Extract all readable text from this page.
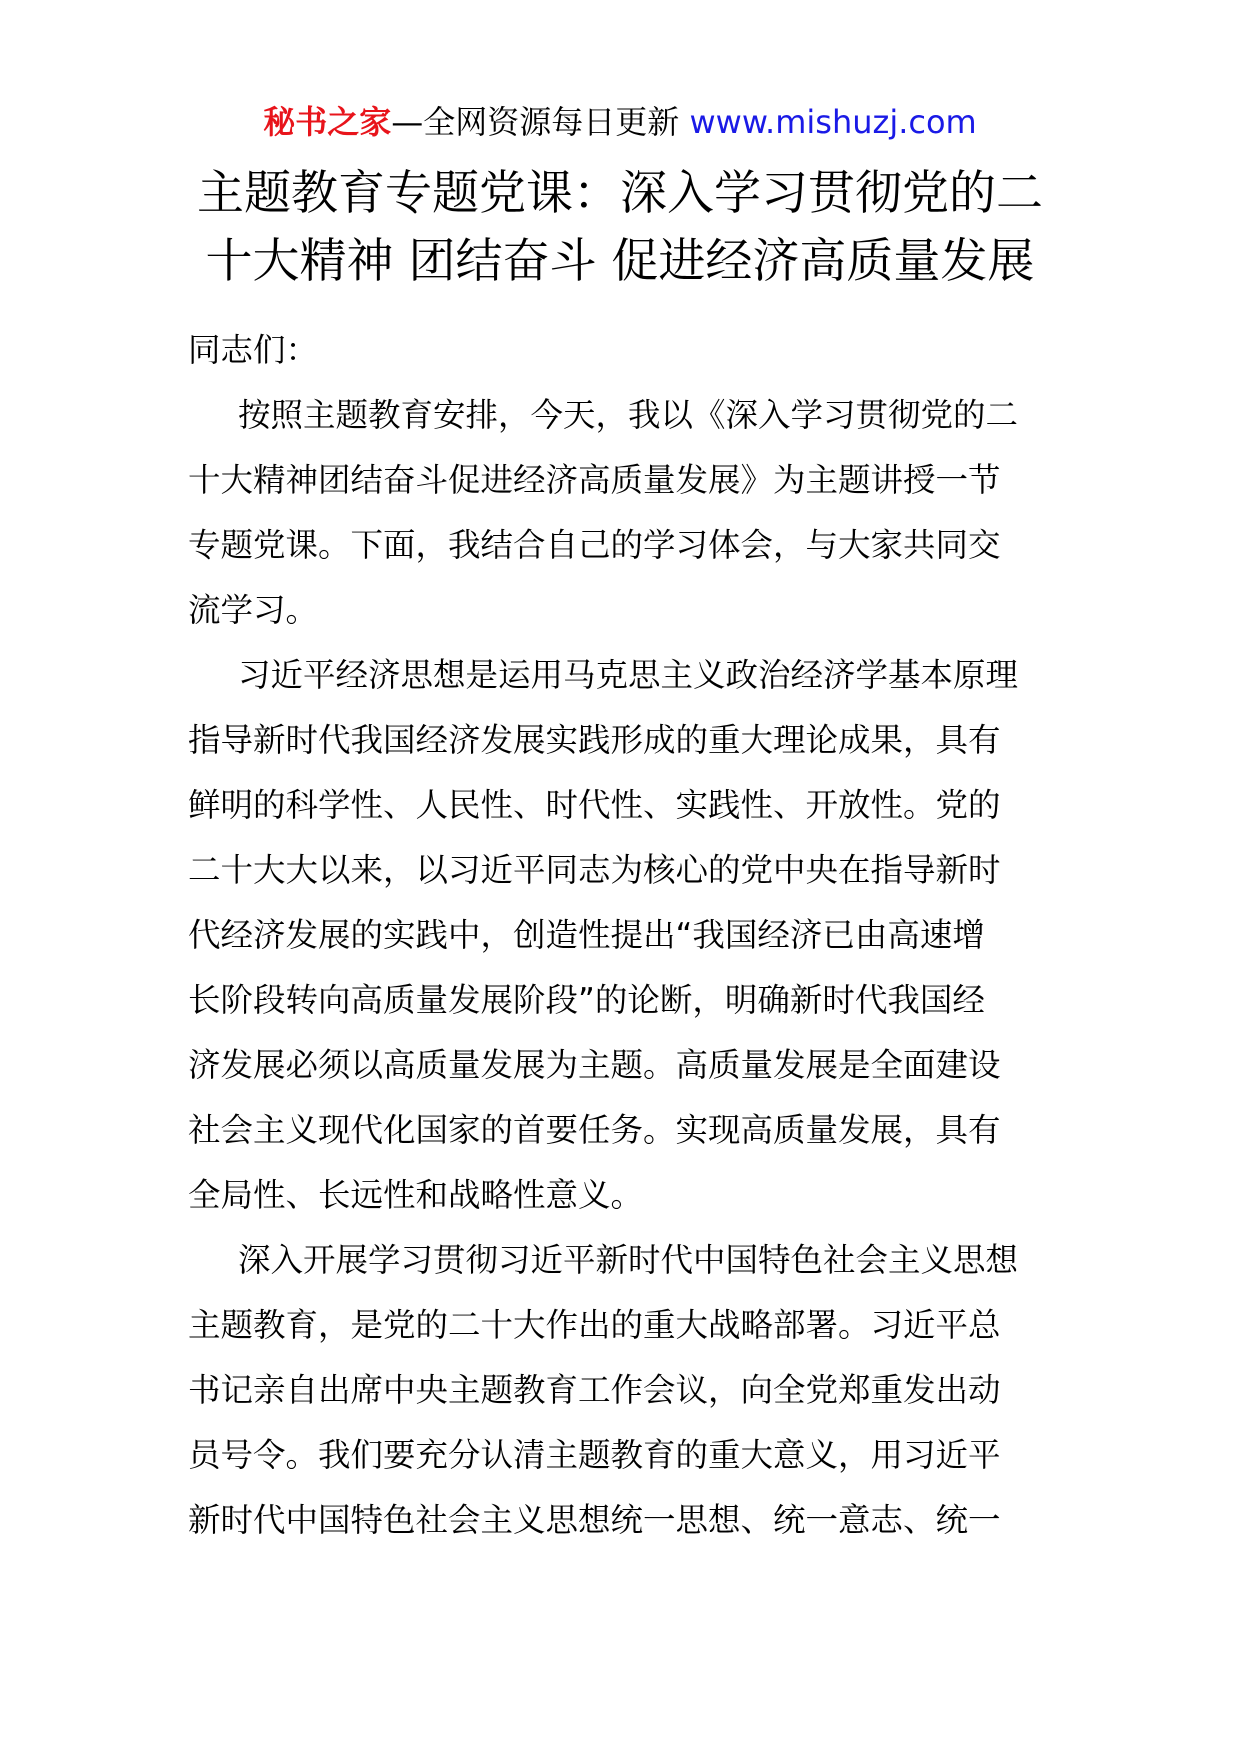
秘书之家—全网资源每日更新 www.mishuzj.com
主题教育专题党课：深入学习贯彻党的二
十大精神 团结奋斗 促进经济高质量发展

同志们：

按照主题教育安排，今天，我以《深入学习贯彻党的二
十大精神团结奋斗促进经济高质量发展》为主题讲授一节
专题党课。下面，我结合自己的学习体会，与大家共同交
流学习。
习近平经济思想是运用马克思主义政治经济学基本原理
指导新时代我国经济发展实践形成的重大理论成果，具有
鲜明的科学性、人民性、时代性、实践性、开放性。党的
二十大大以来，以习近平同志为核心的党中央在指导新时
代经济发展的实践中，创造性提出“我国经济已由高速增
长阶段转向高质量发展阶段”的论断，明确新时代我国经
济发展必须以高质量发展为主题。高质量发展是全面建设
社会主义现代化国家的首要任务。实现高质量发展，具有
全局性、长远性和战略性意义。
深入开展学习贯彻习近平新时代中国特色社会主义思想
主题教育，是党的二十大作出的重大战略部署。习近平总
书记亲自出席中央主题教育工作会议，向全党郑重发出动
员号令。我们要充分认清主题教育的重大意义，用习近平
新时代中国特色社会主义思想统一思想、统一意志、统一
